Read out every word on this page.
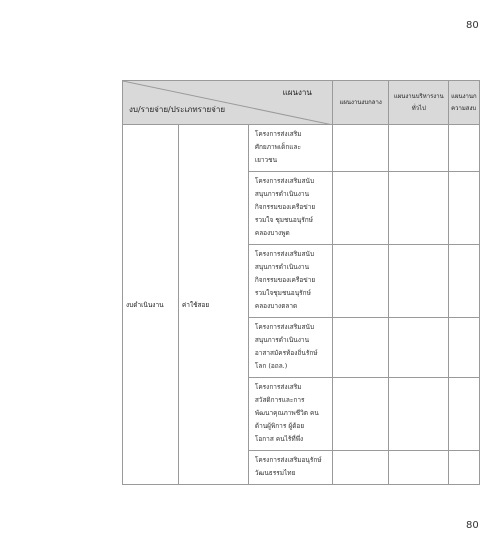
80
แผนงาน
งบ/รายจ่าย/ประเภทรายจ่าย			แผนงานงบกลาง	แผนงานบริหารงาน
ทั่วไป	แผนงานก
ความสงบ
งบดำเนินงาน	ค่าใช้สอย	โครงการส่งเสริม
ศักยภาพเด็กและ
เยาวชน			
		โครงการส่งเสริมสนับ
สนุนการดำเนินงาน
กิจกรรมของเครือข่าย
รวมใจ ชุมชนอนุรักษ์
คลองบางพูด			
		โครงการส่งเสริมสนับ
สนุนการดำเนินงาน
กิจกรรมของเครือข่าย
รวมใจชุมชนอนุรักษ์
คลองบางตลาด			
		โครงการส่งเสริมสนับ
สนุนการดำเนินงาน
อาสาสมัครท้องถิ่นรักษ์
โลก (อถล.)			
		โครงการส่งเสริม
สวัสดิการและการ
พัฒนาคุณภาพชีวิต คน
ด้านผู้พิการ ผู้ด้อย
โอกาส คนไร้ที่พึ่ง			
		โครงการส่งเสริมอนุรักษ์
วัฒนธรรมไทย			
80
